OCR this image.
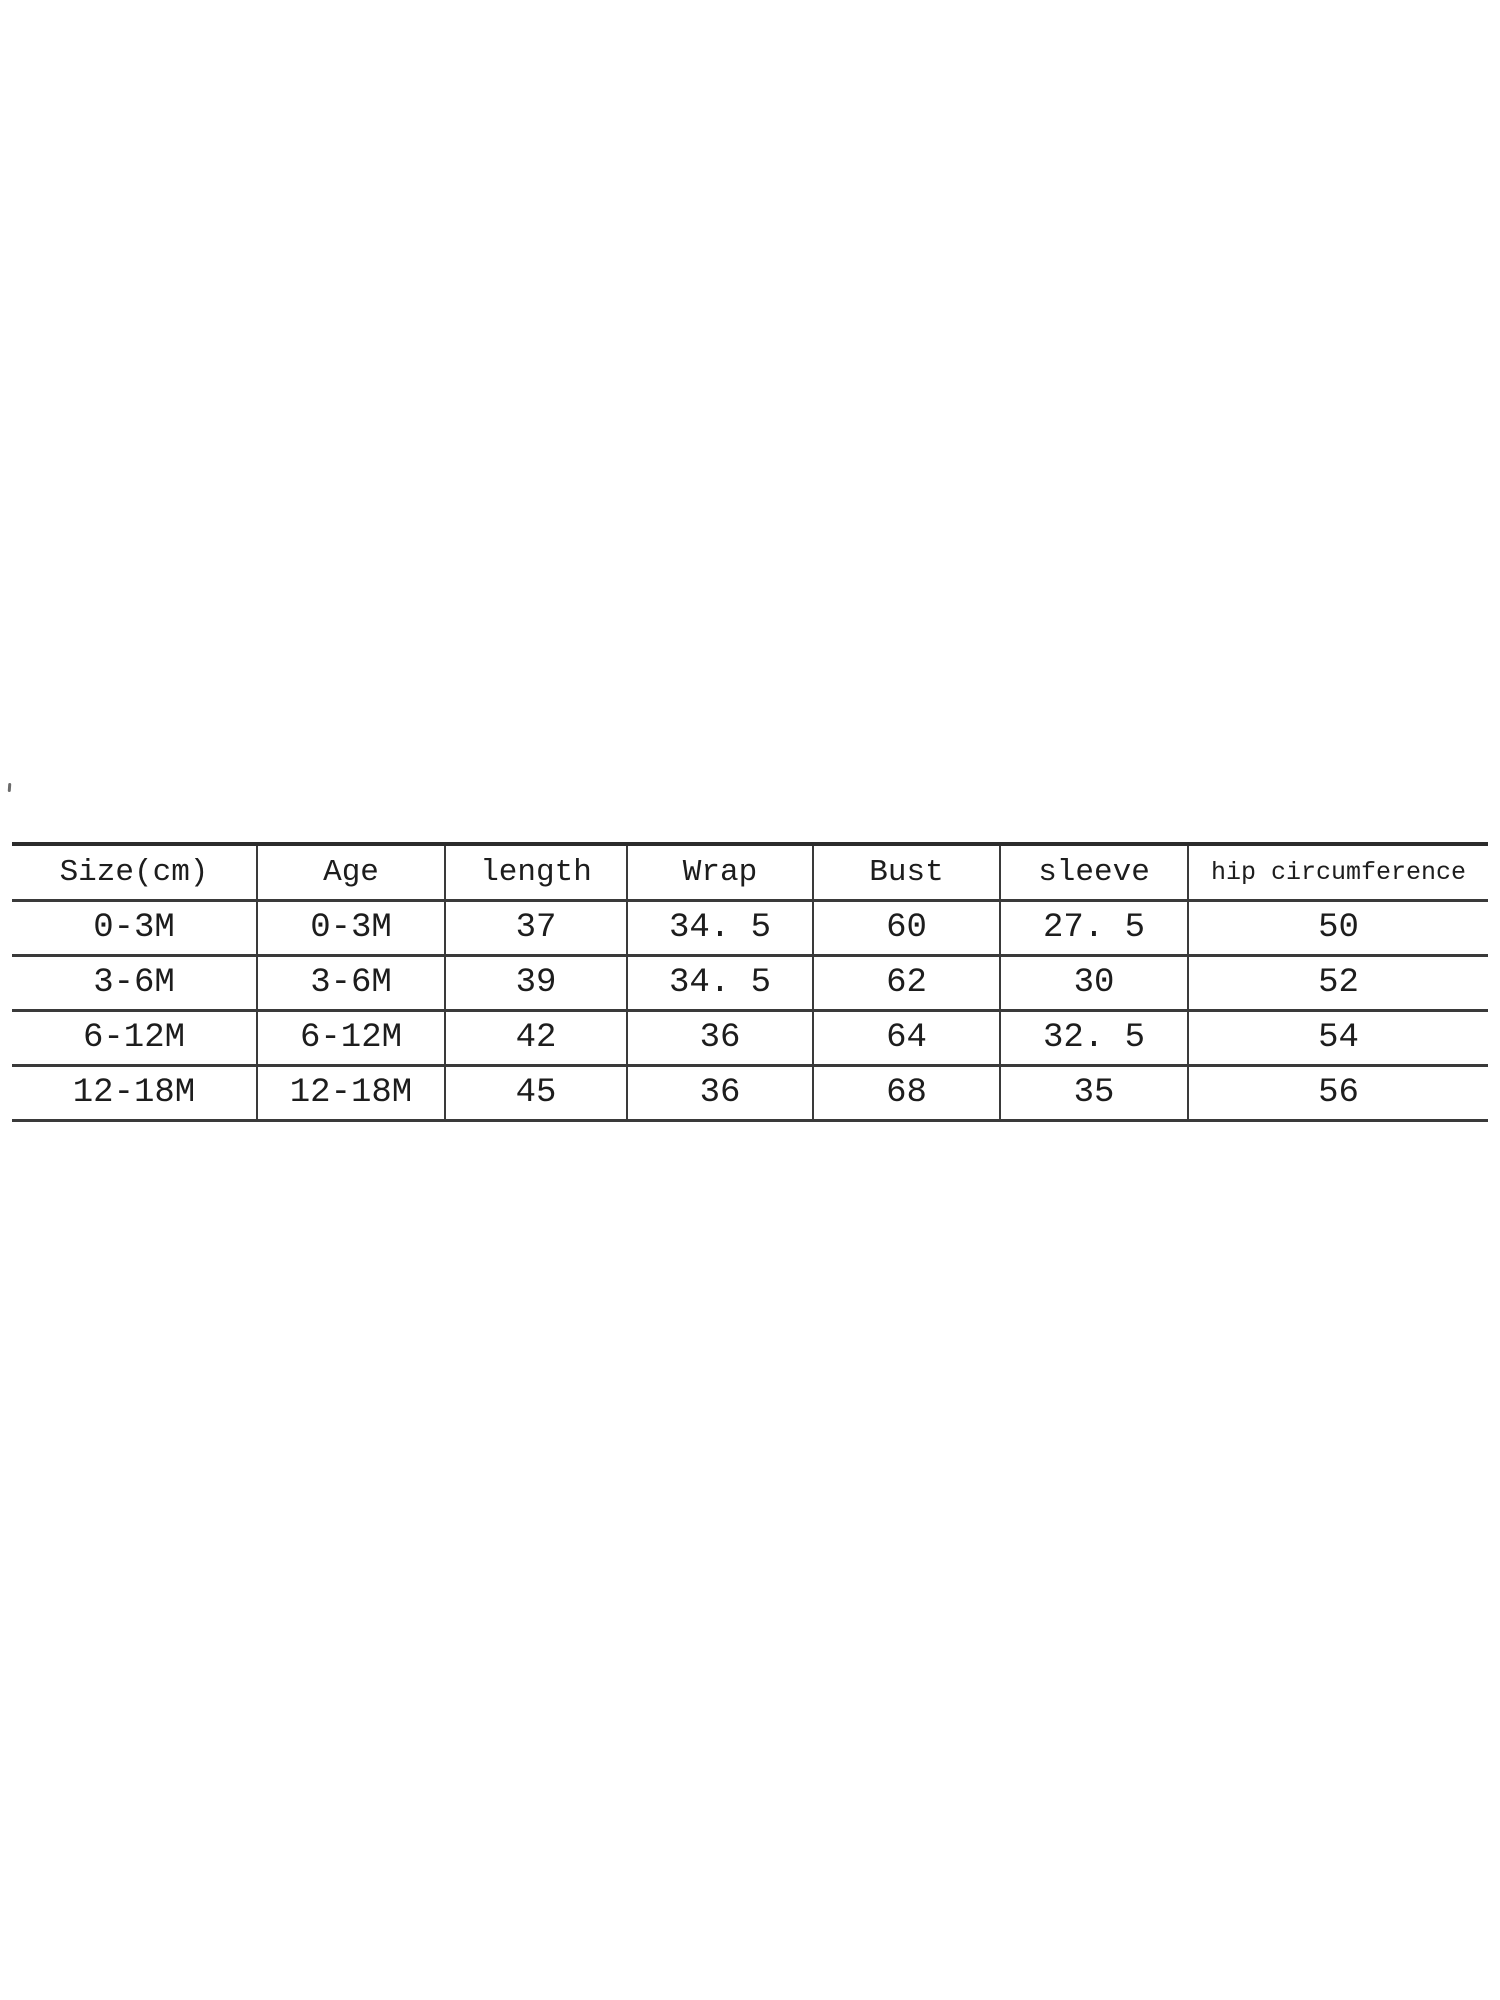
Size(cm)	Age	length	Wrap	Bust	sleeve	hip circumference
0-3M	0-3M	37	34. 5	60	27. 5	50
3-6M	3-6M	39	34. 5	62	30	52
6-12M	6-12M	42	36	64	32. 5	54
12-18M	12-18M	45	36	68	35	56
